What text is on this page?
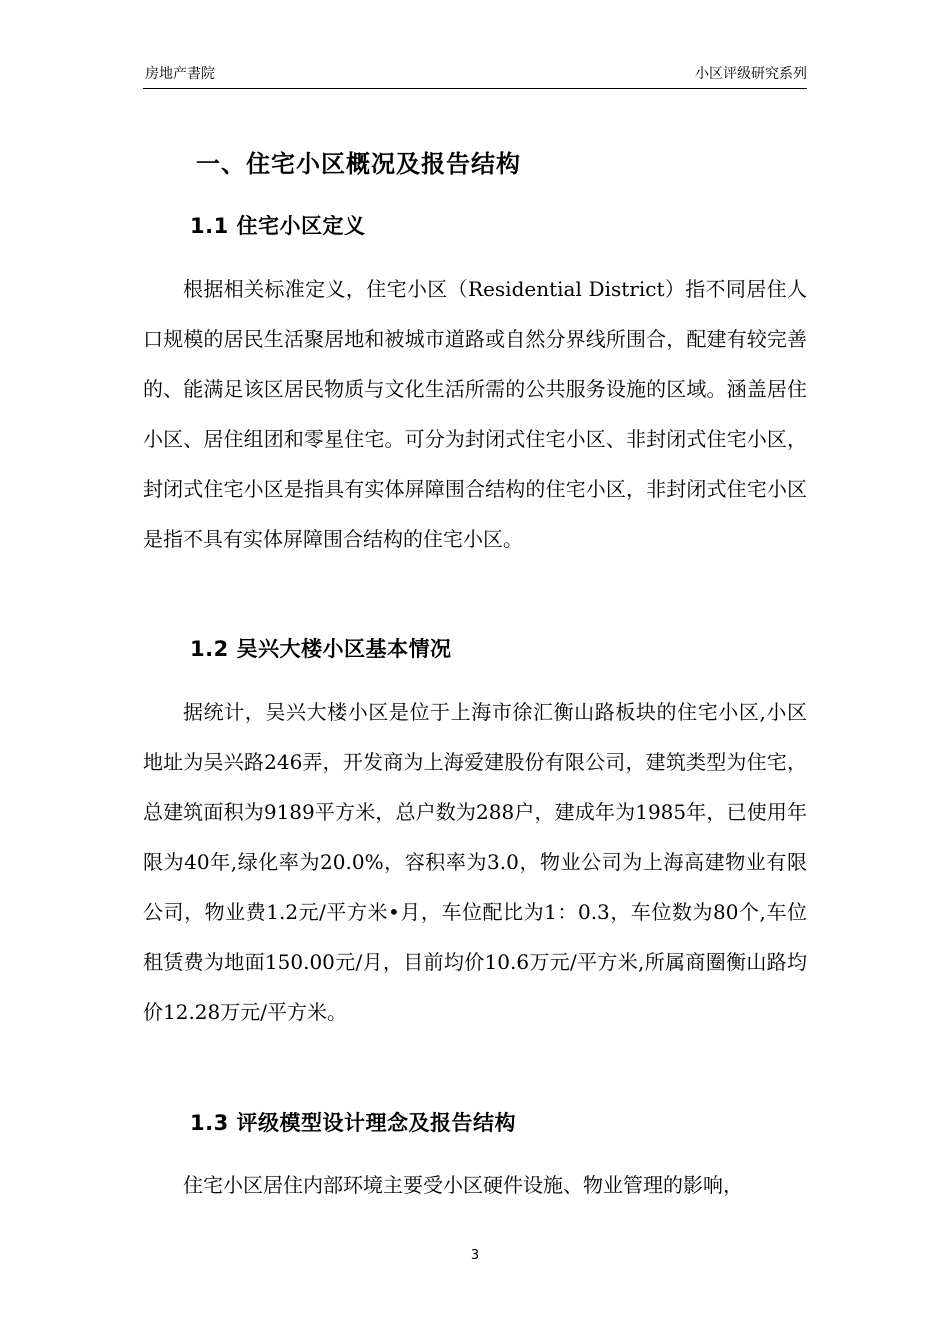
房地产書院	小区评级研究系列
一、住宅小区概况及报告结构
1.1 住宅小区定义

根据相关标准定义，住宅小区（Residential District）指不同居住人口规模的居民生活聚居地和被城市道路或自然分界线所围合，配建有较完善的、能满足该区居民物质与文化生活所需的公共服务设施的区域。涵盖居住小区、居住组团和零星住宅。可分为封闭式住宅小区、非封闭式住宅小区，封闭式住宅小区是指具有实体屏障围合结构的住宅小区，非封闭式住宅小区是指不具有实体屏障围合结构的住宅小区。

1.2 吴兴大楼小区基本情况

据统计，吴兴大楼小区是位于上海市徐汇衡山路板块的住宅小区,小区地址为吴兴路246弄，开发商为上海爱建股份有限公司，建筑类型为住宅，总建筑面积为9189平方米，总户数为288户，建成年为1985年，已使用年限为40年,绿化率为20.0%，容积率为3.0，物业公司为上海高建物业有限公司，物业费1.2元/平方米•月，车位配比为1：0.3，车位数为80个,车位租赁费为地面150.00元/月，目前均价10.6万元/平方米,所属商圈衡山路均价12.28万元/平方米。

1.3 评级模型设计理念及报告结构

住宅小区居住内部环境主要受小区硬件设施、物业管理的影响，

3
